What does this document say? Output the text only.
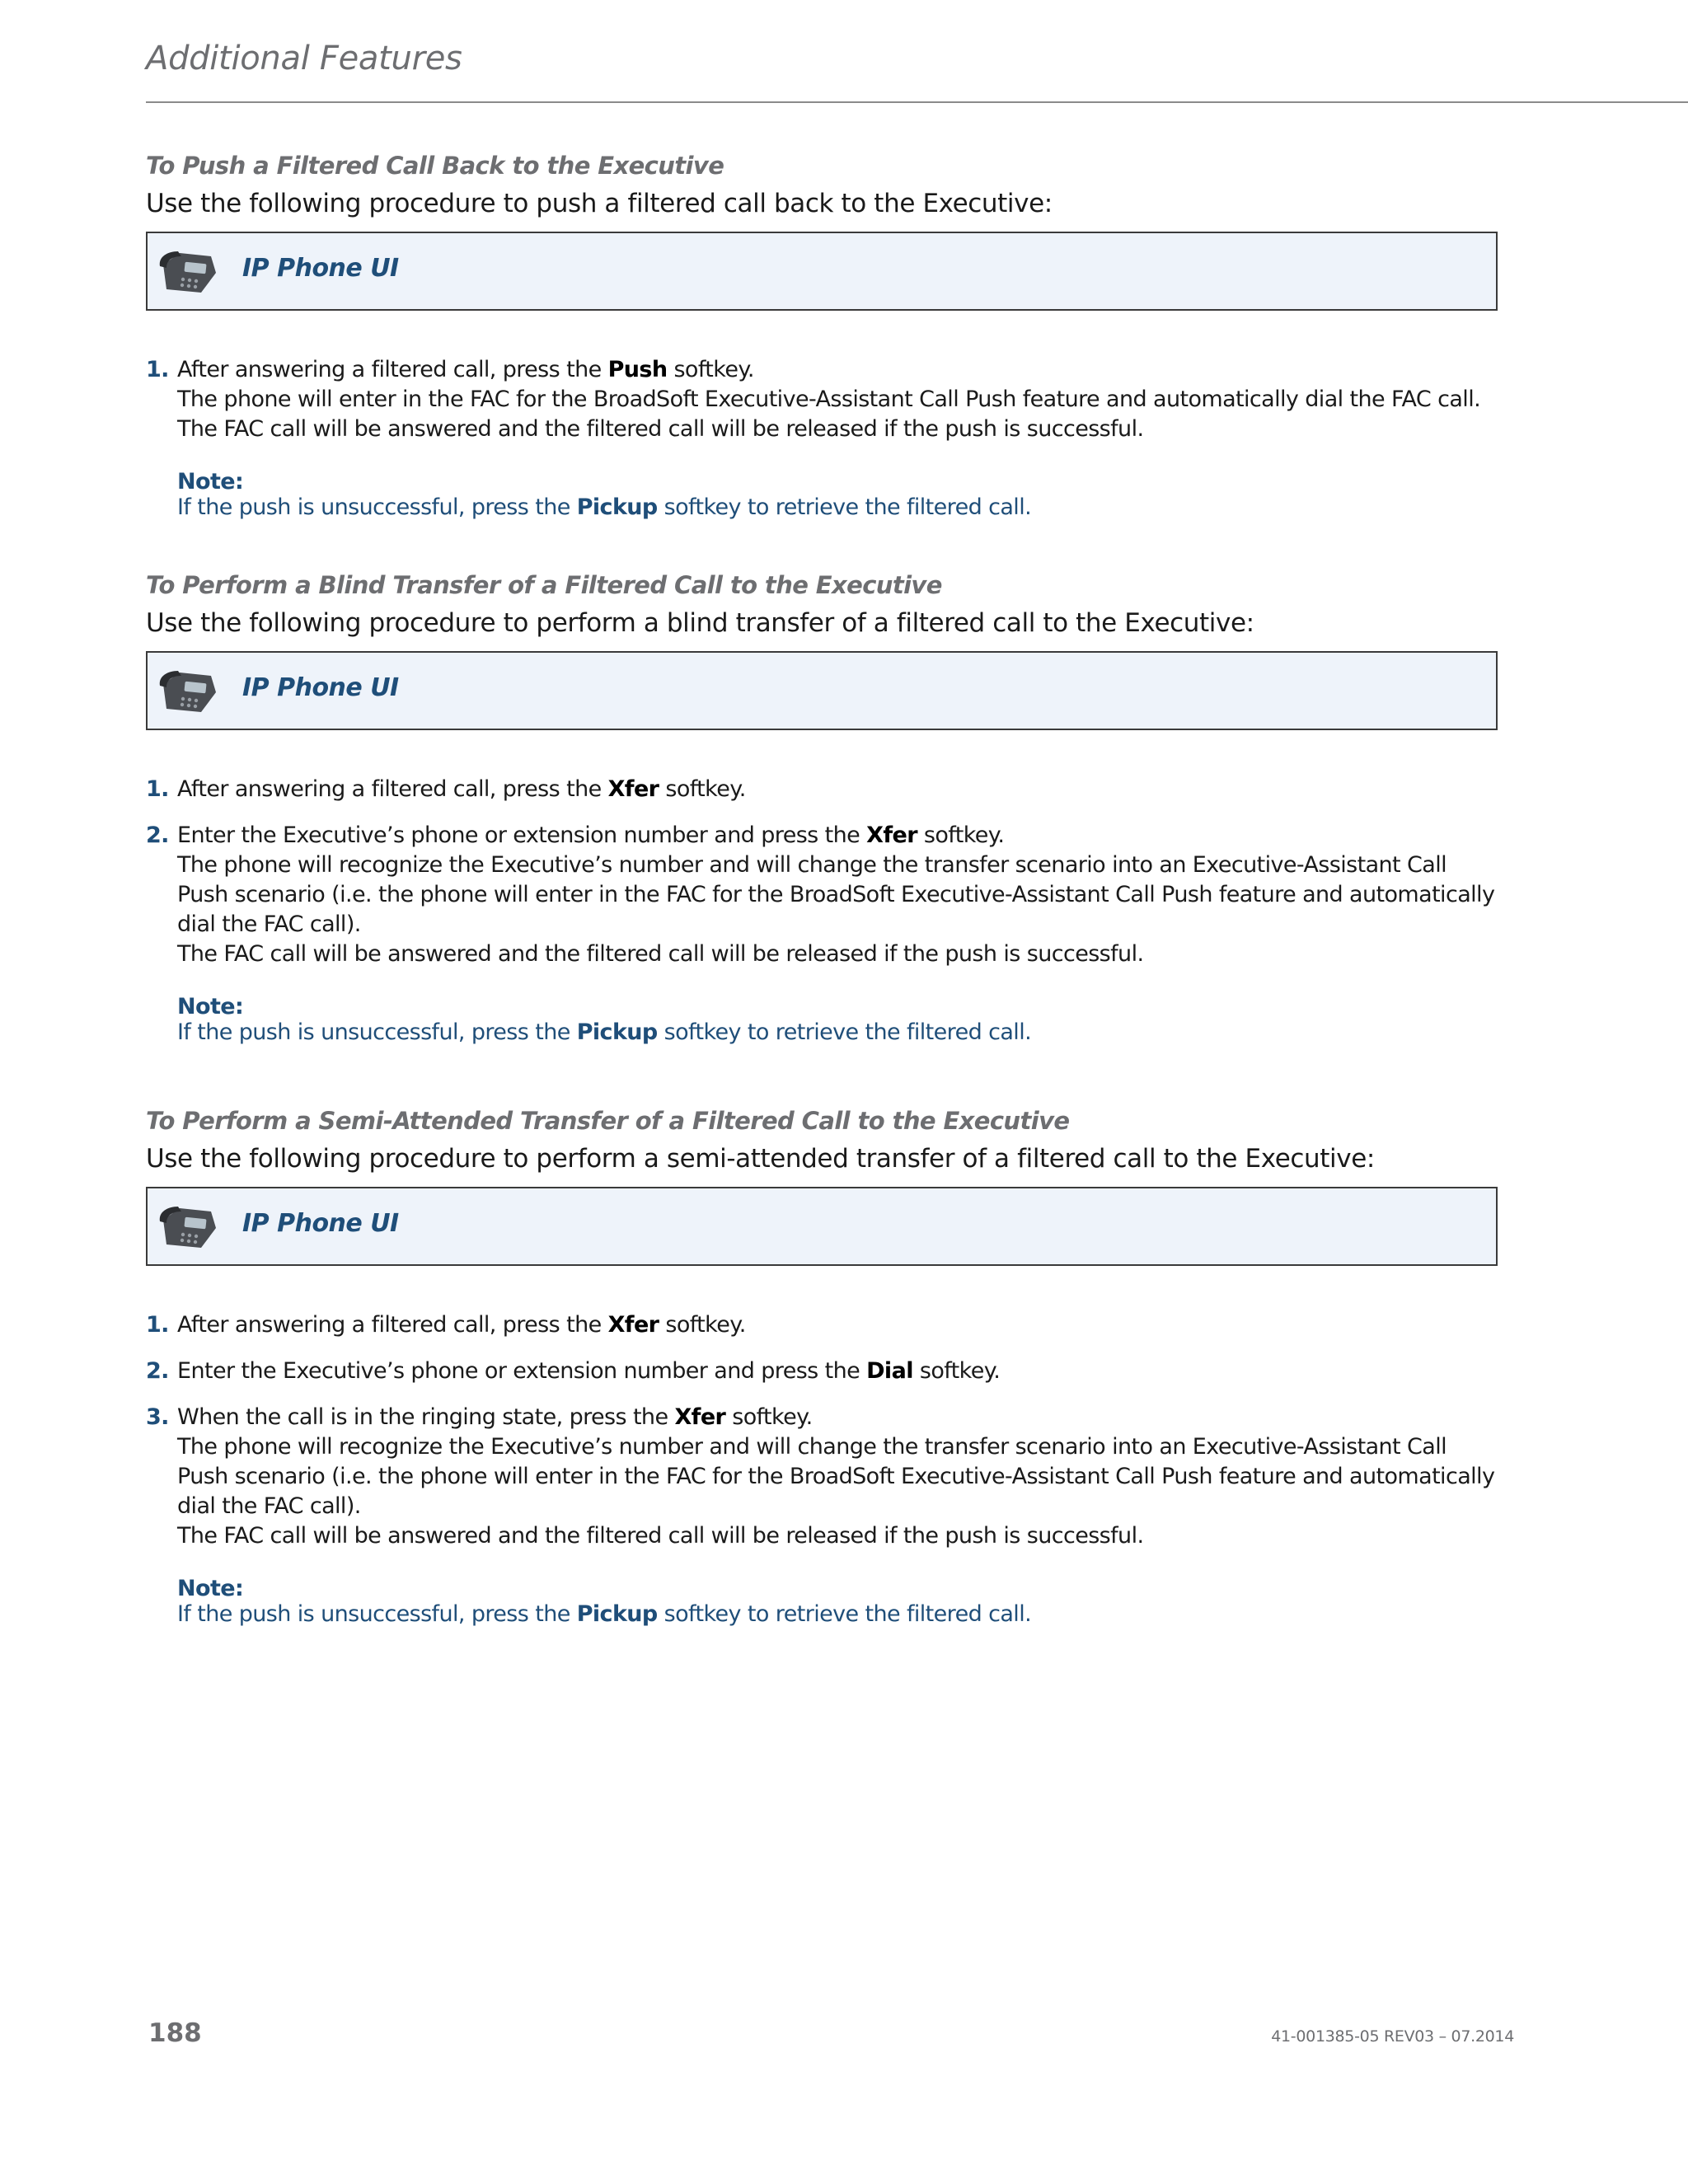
Additional Features
To Push a Filtered Call Back to the Executive
Use the following procedure to push a filtered call back to the Executive:
IP Phone UI
1. After answering a filtered call, press the Push softkey.
The phone will enter in the FAC for the BroadSoft Executive-Assistant Call Push feature and automatically dial the FAC call.
The FAC call will be answered and the filtered call will be released if the push is successful.
Note:
If the push is unsuccessful, press the Pickup softkey to retrieve the filtered call.
To Perform a Blind Transfer of a Filtered Call to the Executive
Use the following procedure to perform a blind transfer of a filtered call to the Executive:
IP Phone UI
1. After answering a filtered call, press the Xfer softkey.
2. Enter the Executive’s phone or extension number and press the Xfer softkey.
The phone will recognize the Executive’s number and will change the transfer scenario into an Executive-Assistant Call Push scenario (i.e. the phone will enter in the FAC for the BroadSoft Executive-Assistant Call Push feature and automatically dial the FAC call).
The FAC call will be answered and the filtered call will be released if the push is successful.
Note:
If the push is unsuccessful, press the Pickup softkey to retrieve the filtered call.
To Perform a Semi-Attended Transfer of a Filtered Call to the Executive
Use the following procedure to perform a semi-attended transfer of a filtered call to the Executive:
IP Phone UI
1. After answering a filtered call, press the Xfer softkey.
2. Enter the Executive’s phone or extension number and press the Dial softkey.
3. When the call is in the ringing state, press the Xfer softkey.
The phone will recognize the Executive’s number and will change the transfer scenario into an Executive-Assistant Call Push scenario (i.e. the phone will enter in the FAC for the BroadSoft Executive-Assistant Call Push feature and automatically dial the FAC call).
The FAC call will be answered and the filtered call will be released if the push is successful.
Note:
If the push is unsuccessful, press the Pickup softkey to retrieve the filtered call.
188	41-001385-05 REV03 – 07.2014
